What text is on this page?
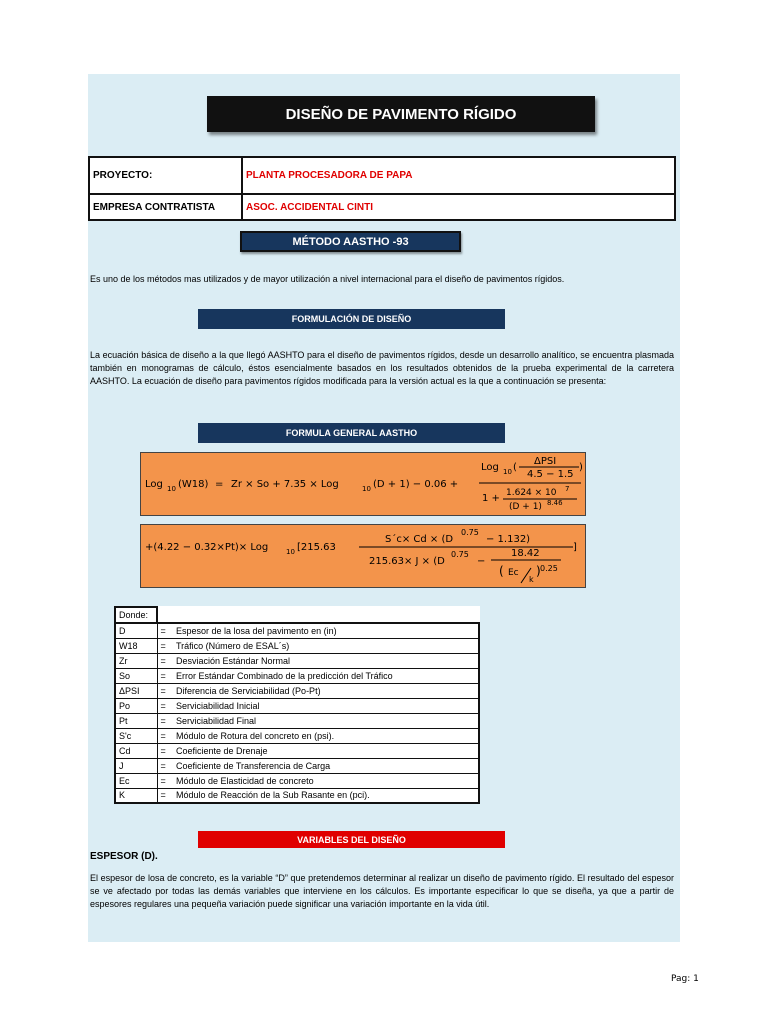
DISEÑO DE PAVIMENTO RÍGIDO
PROYECTO:	PLANTA PROCESADORA DE PAPA
EMPRESA CONTRATISTA	ASOC. ACCIDENTAL CINTI
MÉTODO AASTHO -93

Es uno de los métodos mas utilizados y de mayor utilización a nivel internacional para el diseño de pavimentos rígidos.

FORMULACIÓN DE DISEÑO

La ecuación básica de diseño a la que llegó AASHTO para el diseño de pavimentos rígidos, desde un desarrollo analítico, se encuentra plasmada también en monogramas de cálculo, éstos esencialmente basados en los resultados obtenidos de la prueba experimental de la carretera AASHTO. La ecuación de diseño para pavimentos rígidos modificada para la versión actual es la que a continuación se presenta:

FORMULA GENERAL AASTHO
Log 10 (W18) = Zr × So + 7.35 × Log	10 (D + 1) − 0.06 +
Log 10 (
ΔPSI
4.5 − 1.5
)
1 + 1.624 × 10 7
(D + 1) 8.46
+(4.22 − 0.32×Pt)× Log	10 [215.63
S´c× Cd × (D
0.75
− 1.132)
215.63× J × (D
0.75
−
18.42
( Ec
k
) 0.25
]
Donde:		
D	=	Espesor de la losa del pavimento en (in)
W18	=	Tráfico (Número de ESAL´s)
Zr	=	Desviación Estándar Normal
So	=	Error Estándar Combinado de la predicción del Tráfico
ΔPSI	=	Diferencia de Serviciabilidad (Po-Pt)
Po	=	Serviciabilidad Inicial
Pt	=	Serviciabilidad Final
S'c	=	Módulo de Rotura del concreto en (psi).
Cd	=	Coeficiente de Drenaje
J	=	Coeficiente de Transferencia de Carga
Ec	=	Módulo de Elasticidad de concreto
K	=	Módulo de Reacción de la Sub Rasante en (pci).
VARIABLES DEL DISEÑO
ESPESOR (D).

El espesor de losa de concreto, es la variable “D” que pretendemos determinar al realizar un diseño de pavimento rígido. El resultado del espesor se ve afectado por todas las demás variables que interviene en los cálculos. Es importante especificar lo que se diseña, ya que a partir de espesores regulares una pequeña variación puede significar una variación importante en la vida útil.

Pag: 1
